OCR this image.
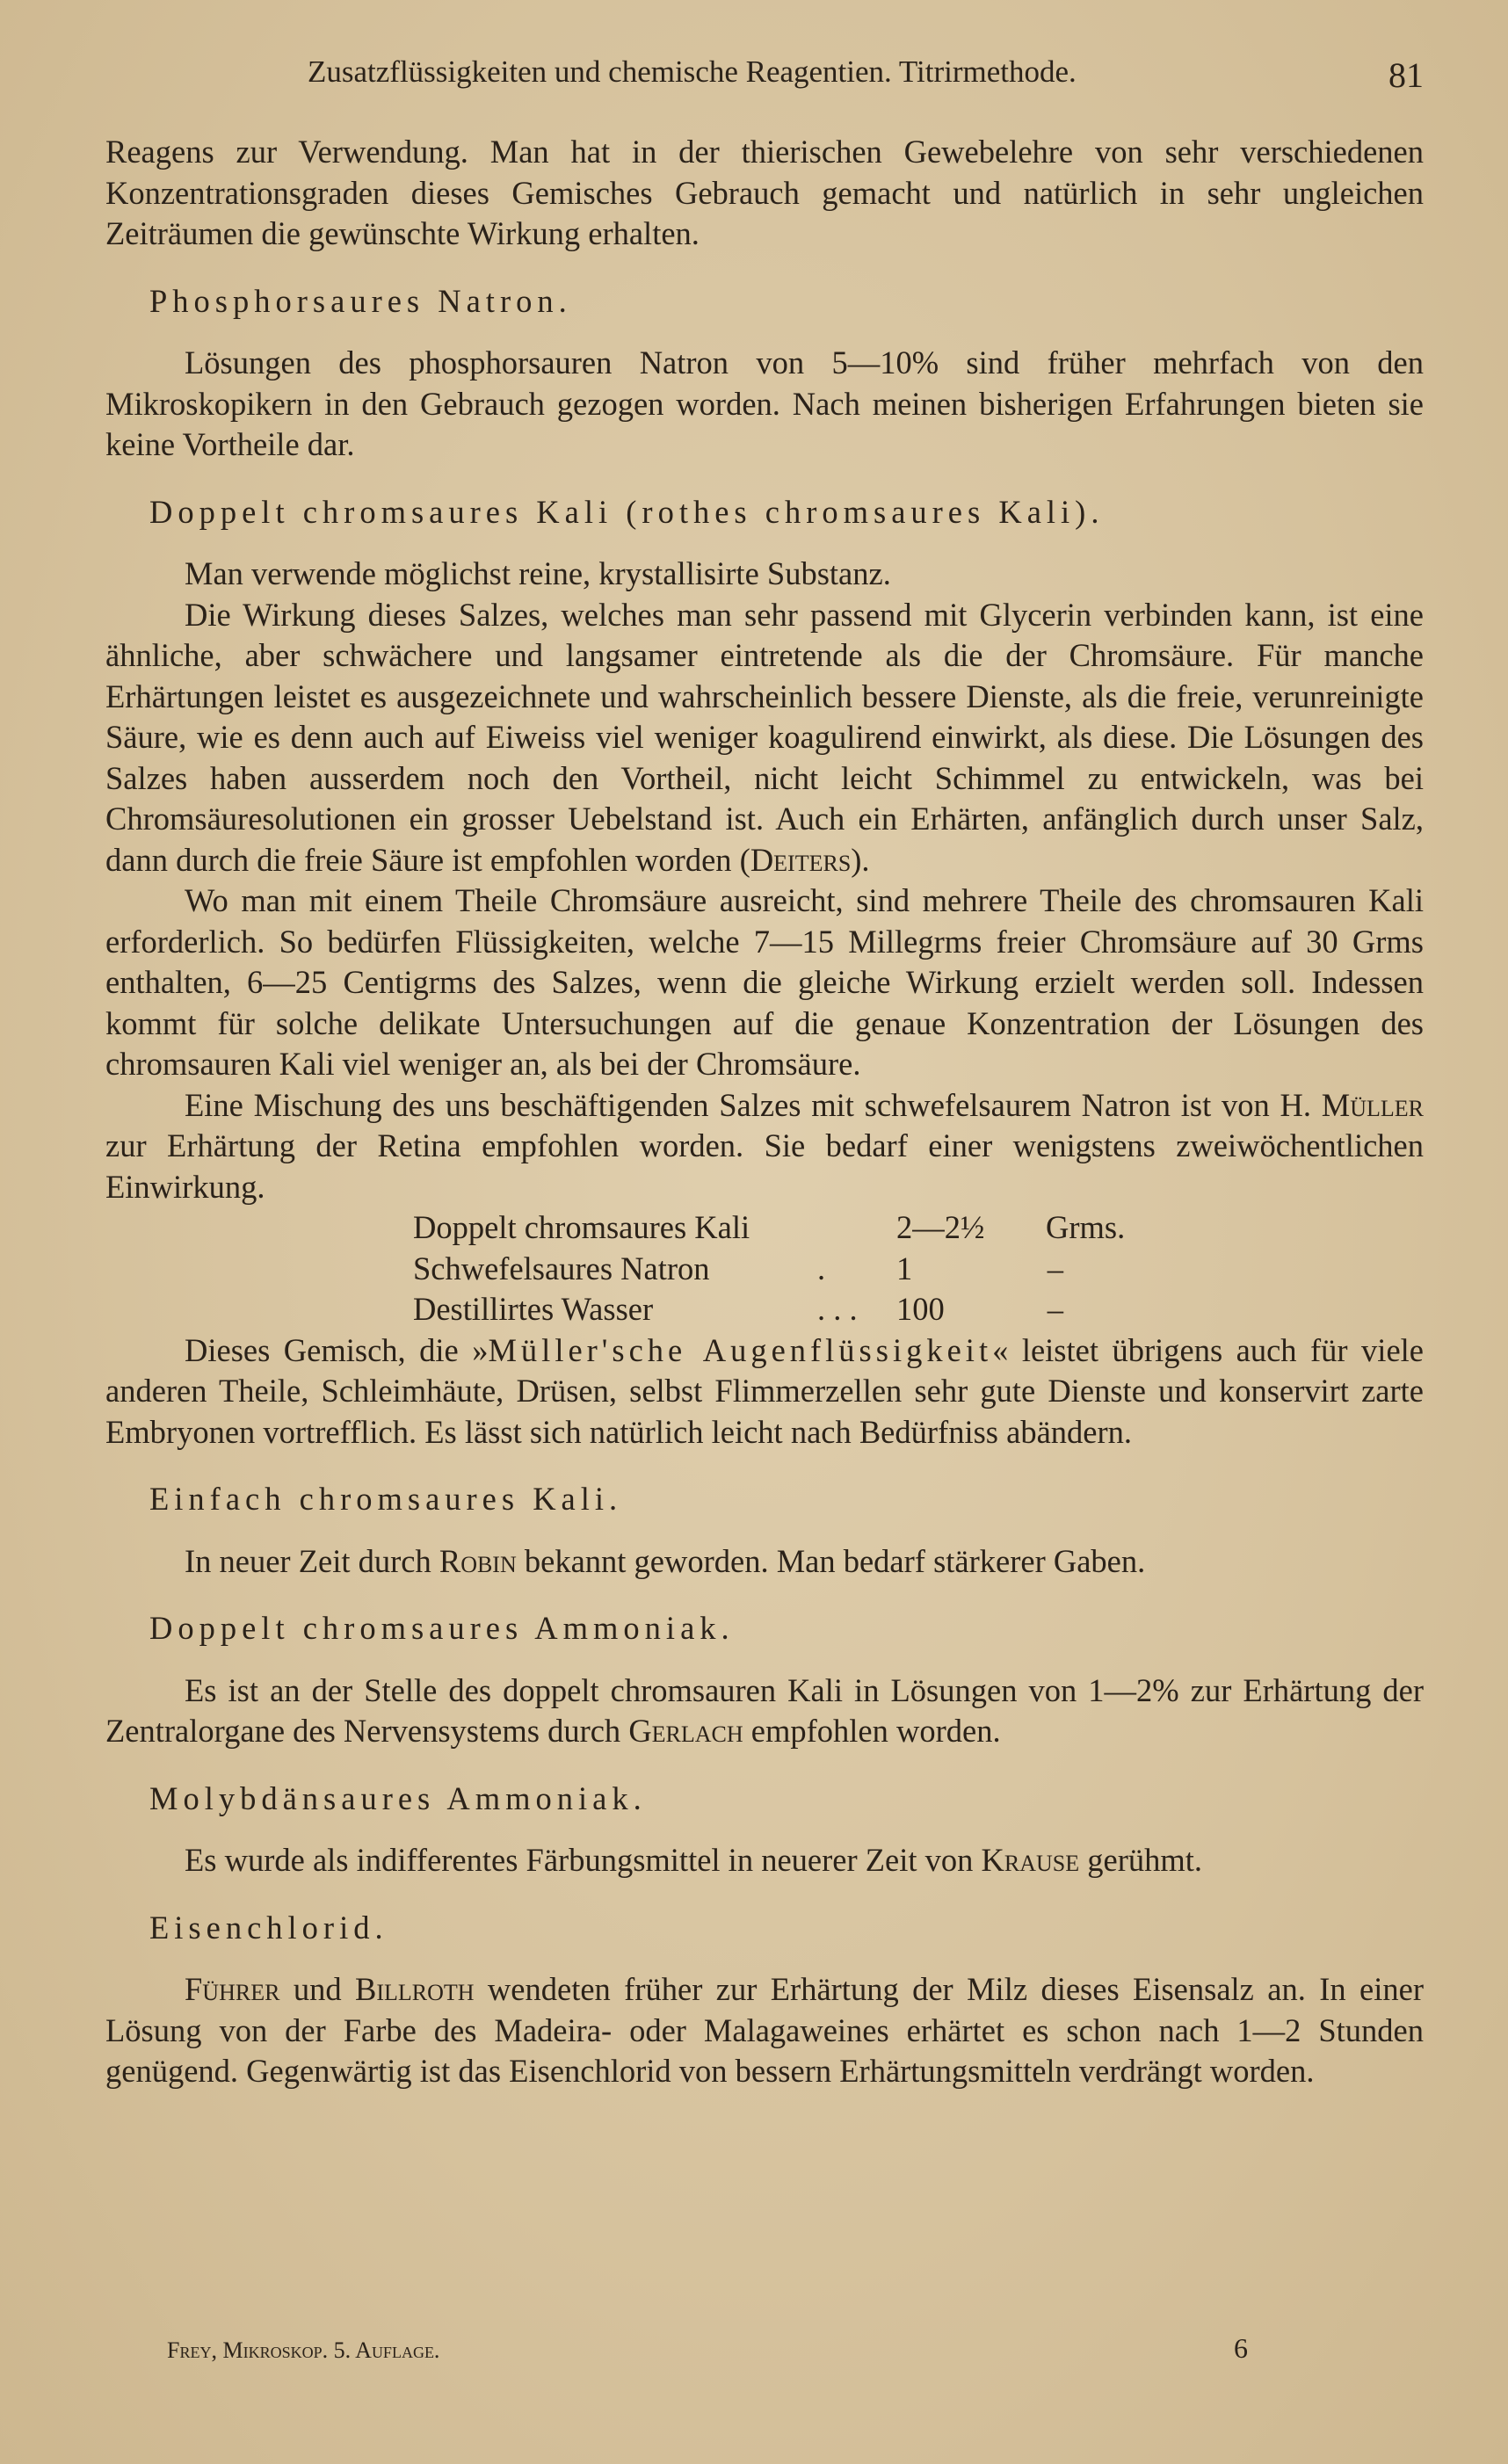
Zusatzflüssigkeiten und chemische Reagentien. Titrirmethode.	81

Reagens zur Verwendung. Man hat in der thierischen Gewebelehre von sehr verschiedenen Konzentrationsgraden dieses Gemisches Gebrauch gemacht und natürlich in sehr ungleichen Zeiträumen die gewünschte Wirkung erhalten.

Phosphorsaures Natron.

Lösungen des phosphorsauren Natron von 5—10% sind früher mehrfach von den Mikroskopikern in den Gebrauch gezogen worden. Nach meinen bisherigen Erfahrungen bieten sie keine Vortheile dar.

Doppelt chromsaures Kali (rothes chromsaures Kali).

Man verwende möglichst reine, krystallisirte Substanz.

Die Wirkung dieses Salzes, welches man sehr passend mit Glycerin verbinden kann, ist eine ähnliche, aber schwächere und langsamer eintretende als die der Chromsäure. Für manche Erhärtungen leistet es ausgezeichnete und wahrscheinlich bessere Dienste, als die freie, verunreinigte Säure, wie es denn auch auf Eiweiss viel weniger koagulirend einwirkt, als diese. Die Lösungen des Salzes haben ausserdem noch den Vortheil, nicht leicht Schimmel zu entwickeln, was bei Chromsäuresolutionen ein grosser Uebelstand ist. Auch ein Erhärten, anfänglich durch unser Salz, dann durch die freie Säure ist empfohlen worden (Deiters).

Wo man mit einem Theile Chromsäure ausreicht, sind mehrere Theile des chromsauren Kali erforderlich. So bedürfen Flüssigkeiten, welche 7—15 Millegrms freier Chromsäure auf 30 Grms enthalten, 6—25 Centigrms des Salzes, wenn die gleiche Wirkung erzielt werden soll. Indessen kommt für solche delikate Untersuchungen auf die genaue Konzentration der Lösungen des chromsauren Kali viel weniger an, als bei der Chromsäure.

Eine Mischung des uns beschäftigenden Salzes mit schwefelsaurem Natron ist von H. Müller zur Erhärtung der Retina empfohlen worden. Sie bedarf einer wenigstens zweiwöchentlichen Einwirkung.

Doppelt chromsaures Kali	2—2½	Grms.
Schwefelsaures Natron	.	1	–
Destillirtes Wasser	. . .	100	–

Dieses Gemisch, die »Müller'sche Augenflüssigkeit« leistet übrigens auch für viele anderen Theile, Schleimhäute, Drüsen, selbst Flimmerzellen sehr gute Dienste und konservirt zarte Embryonen vortrefflich. Es lässt sich natürlich leicht nach Bedürfniss abändern.

Einfach chromsaures Kali.

In neuer Zeit durch Robin bekannt geworden. Man bedarf stärkerer Gaben.

Doppelt chromsaures Ammoniak.

Es ist an der Stelle des doppelt chromsauren Kali in Lösungen von 1—2% zur Erhärtung der Zentralorgane des Nervensystems durch Gerlach empfohlen worden.

Molybdänsaures Ammoniak.

Es wurde als indifferentes Färbungsmittel in neuerer Zeit von Krause gerühmt.

Eisenchlorid.

Führer und Billroth wendeten früher zur Erhärtung der Milz dieses Eisensalz an. In einer Lösung von der Farbe des Madeira- oder Malagaweines erhärtet es schon nach 1—2 Stunden genügend. Gegenwärtig ist das Eisenchlorid von bessern Erhärtungsmitteln verdrängt worden.

Frey, Mikroskop. 5. Auflage.	6
